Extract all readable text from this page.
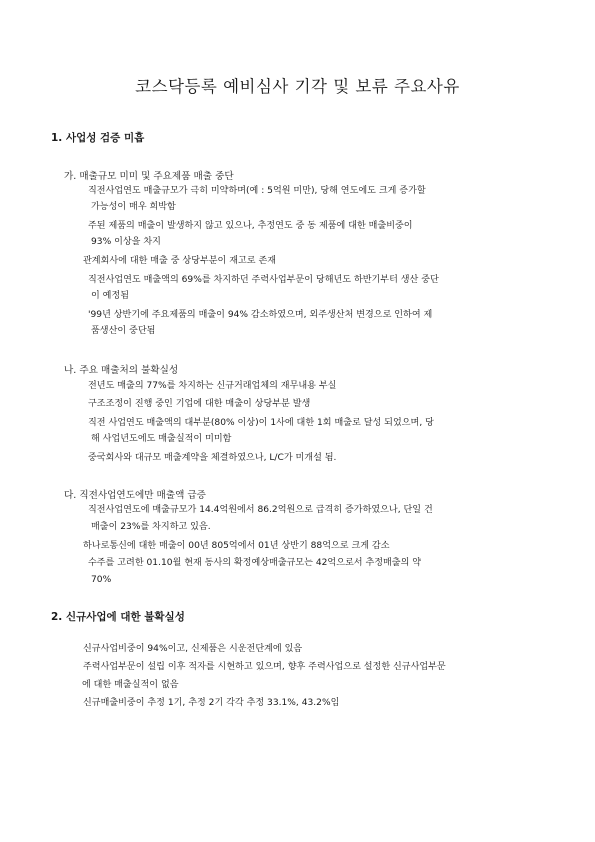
코스닥등록 예비심사 기각 및 보류 주요사유
1. 사업성 검증 미흡
가. 매출규모 미미 및 주요제품 매출 중단
직전사업연도 매출규모가 극히 미약하며(예 : 5억원 미만), 당해 연도에도 크게 증가할
가능성이 매우 희박함
주된 제품의 매출이 발생하지 않고 있으나, 추정연도 중 동 제품에 대한 매출비중이
93% 이상을 차지
관계회사에 대한 매출 중 상당부분이 재고로 존재
직전사업연도 매출액의 69%를 차지하던 주력사업부문이 당해년도 하반기부터 생산 중단
이 예정됨
'99년 상반기에 주요제품의 매출이 94% 감소하였으며, 외주생산처 변경으로 인하여 제
품생산이 중단됨
나. 주요 매출처의 불확실성
전년도 매출의 77%를 차지하는 신규거래업체의 재무내용 부실
구조조정이 진행 중인 기업에 대한 매출이 상당부분 발생
직전 사업연도 매출액의 대부분(80% 이상)이 1사에 대한 1회 매출로 달성 되었으며, 당
해 사업년도에도 매출실적이 미미함
중국회사와 대규모 매출계약을 체결하였으나, L/C가 미개설 됨.
다. 직전사업연도에만 매출액 급증
직전사업연도에 매출규모가 14.4억원에서 86.2억원으로 급격히 증가하였으나, 단일 건
매출이 23%를 차지하고 있음.
하나로통신에 대한 매출이 00년 805억에서 01년 상반기 88억으로 크게 감소
수주를 고려한 01.10월 현재 동사의 확정예상매출규모는 42억으로서 추정매출의 약
70%
2. 신규사업에 대한 불확실성
신규사업비중이 94%이고, 신제품은 시운전단계에 있음
주력사업부문이 설립 이후 적자를 시현하고 있으며, 향후 주력사업으로 설정한 신규사업부문
에 대한 매출실적이 없음
신규매출비중이 추정 1기, 추정 2기 각각 추정 33.1%, 43.2%임
